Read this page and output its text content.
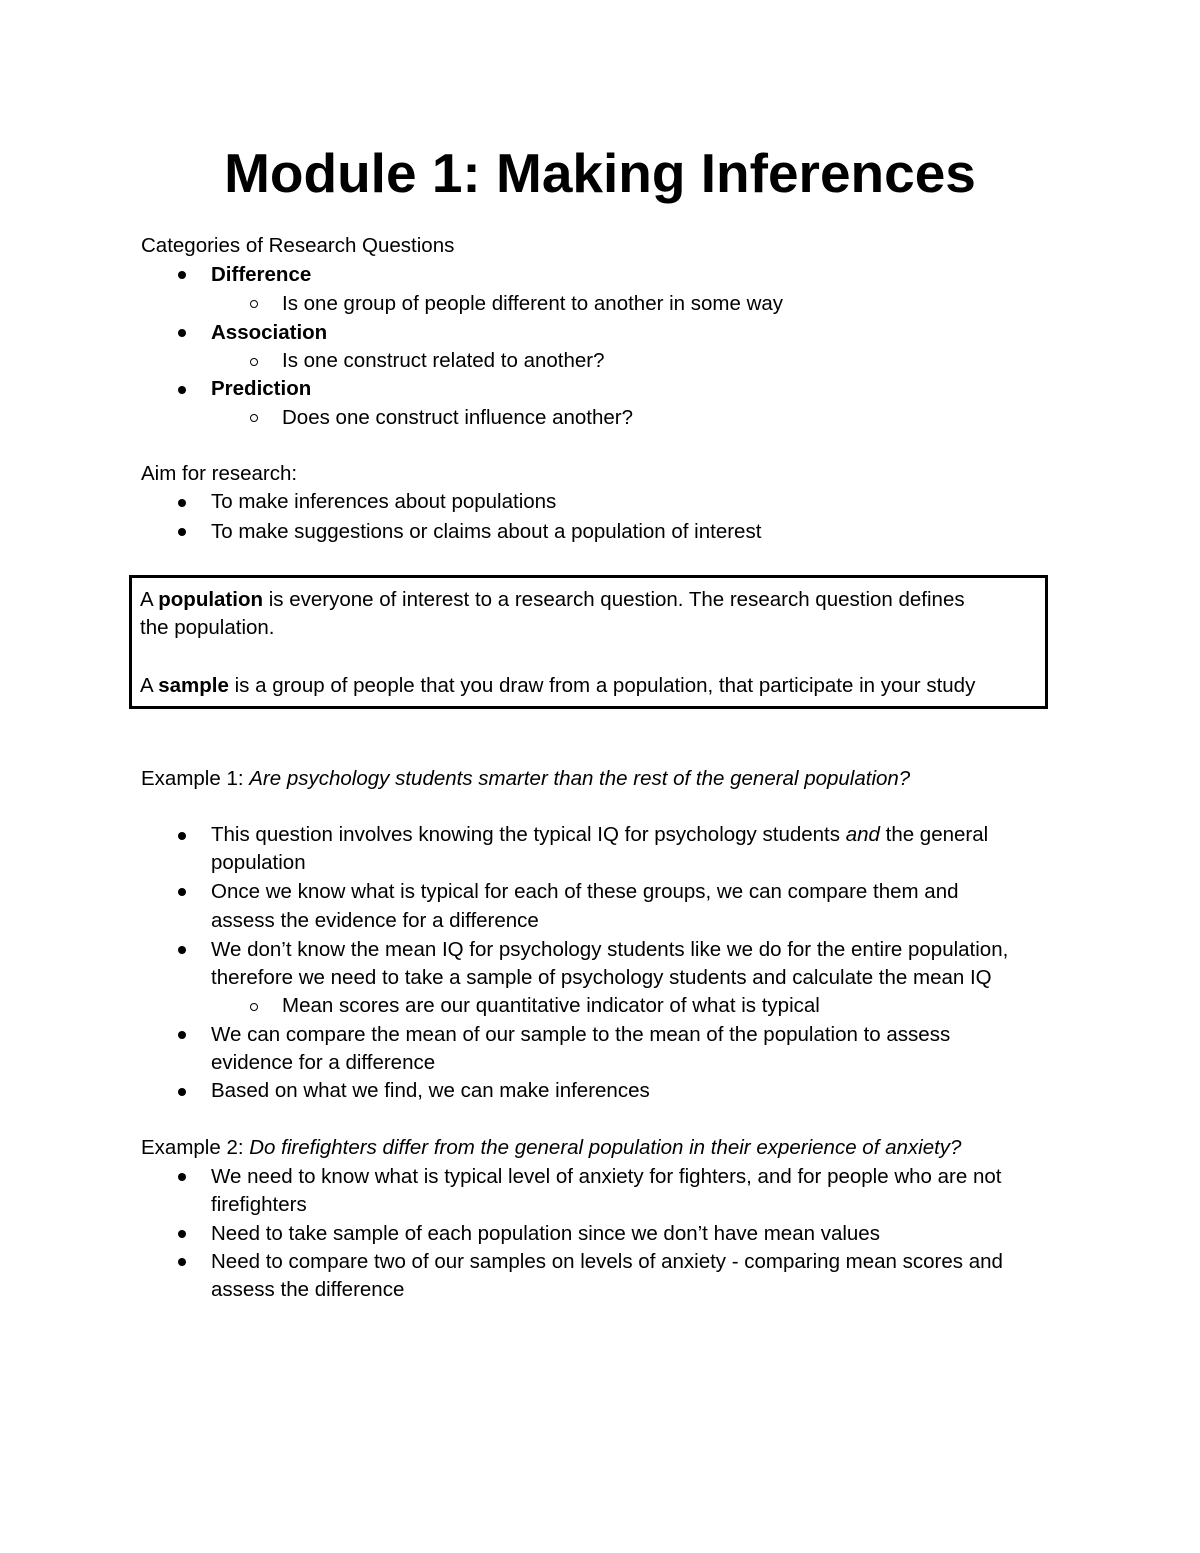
Module 1: Making Inferences
Categories of Research Questions
Difference
Is one group of people different to another in some way
Association
Is one construct related to another?
Prediction
Does one construct influence another?
Aim for research:
To make inferences about populations
To make suggestions or claims about a population of interest
A population is everyone of interest to a research question. The research question defines
the population.
A sample is a group of people that you draw from a population, that participate in your study
Example 1: Are psychology students smarter than the rest of the general population?
This question involves knowing the typical IQ for psychology students and the general
population
Once we know what is typical for each of these groups, we can compare them and
assess the evidence for a difference
We don’t know the mean IQ for psychology students like we do for the entire population,
therefore we need to take a sample of psychology students and calculate the mean IQ
Mean scores are our quantitative indicator of what is typical
We can compare the mean of our sample to the mean of the population to assess
evidence for a difference
Based on what we find, we can make inferences
Example 2: Do firefighters differ from the general population in their experience of anxiety?
We need to know what is typical level of anxiety for fighters, and for people who are not
firefighters
Need to take sample of each population since we don’t have mean values
Need to compare two of our samples on levels of anxiety - comparing mean scores and
assess the difference
